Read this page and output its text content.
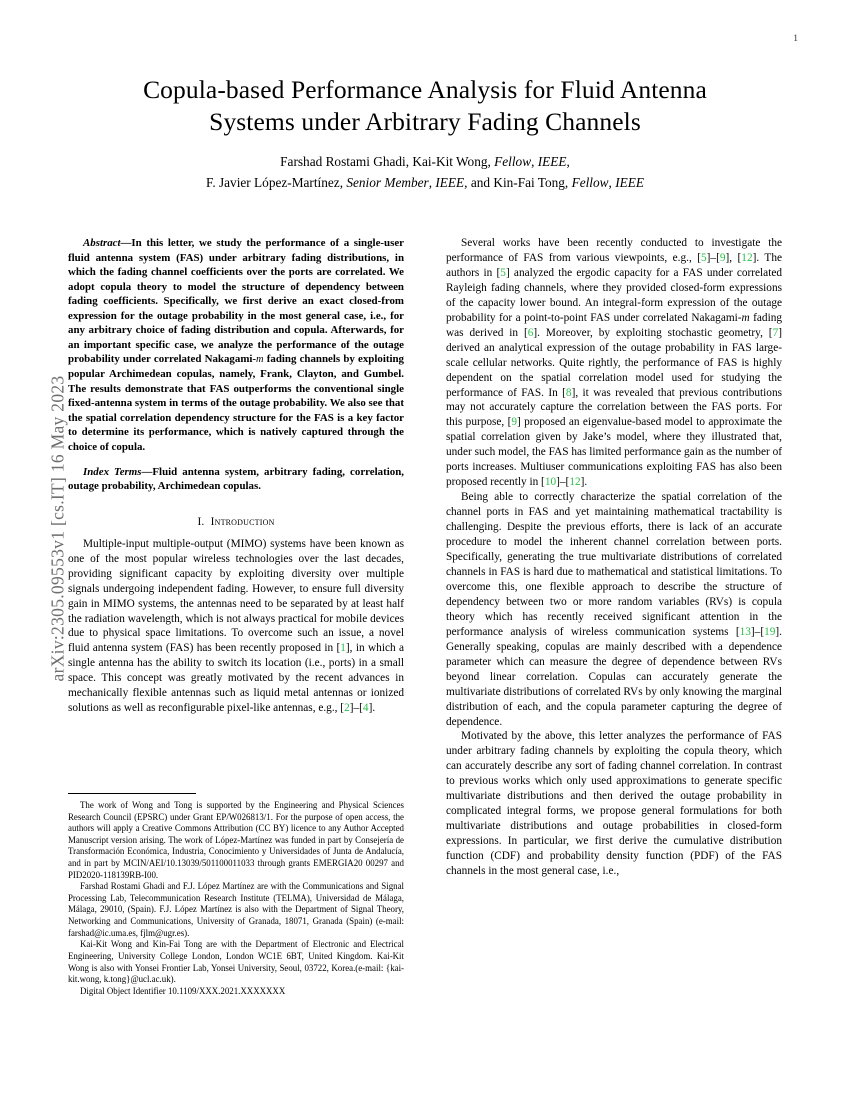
arXiv:2305.09553v1 [cs.IT] 16 May 2023
1
Copula-based Performance Analysis for Fluid Antenna
Systems under Arbitrary Fading Channels
Farshad Rostami Ghadi, Kai-Kit Wong, Fellow, IEEE,
F. Javier López-Martínez, Senior Member, IEEE, and Kin-Fai Tong, Fellow, IEEE
Abstract—In this letter, we study the performance of a single-user fluid antenna system (FAS) under arbitrary fading distributions, in which the fading channel coefficients over the ports are correlated. We adopt copula theory to model the structure of dependency between fading coefficients. Specifically, we first derive an exact closed-from expression for the outage probability in the most general case, i.e., for any arbitrary choice of fading distribution and copula. Afterwards, for an important specific case, we analyze the performance of the outage probability under correlated Nakagami-m fading channels by exploiting popular Archimedean copulas, namely, Frank, Clayton, and Gumbel. The results demonstrate that FAS outperforms the conventional single fixed-antenna system in terms of the outage probability. We also see that the spatial correlation dependency structure for the FAS is a key factor to determine its performance, which is natively captured through the choice of copula.
Index Terms—Fluid antenna system, arbitrary fading, correlation, outage probability, Archimedean copulas.
I. Introduction

Multiple-input multiple-output (MIMO) systems have been known as one of the most popular wireless technologies over the last decades, providing significant capacity by exploiting diversity over multiple signals undergoing independent fading. However, to ensure full diversity gain in MIMO systems, the antennas need to be separated by at least half the radiation wavelength, which is not always practical for mobile devices due to physical space limitations. To overcome such an issue, a novel fluid antenna system (FAS) has been recently proposed in [1], in which a single antenna has the ability to switch its location (i.e., ports) in a small space. This concept was greatly motivated by the recent advances in mechanically flexible antennas such as liquid metal antennas or ionized solutions as well as reconfigurable pixel-like antennas, e.g., [2]–[4].

The work of Wong and Tong is supported by the Engineering and Physical Sciences Research Council (EPSRC) under Grant EP/W026813/1. For the purpose of open access, the authors will apply a Creative Commons Attribution (CC BY) licence to any Author Accepted Manuscript version arising. The work of López-Martínez was funded in part by Consejería de Transformación Económica, Industria, Conocimiento y Universidades of Junta de Andalucía, and in part by MCIN/AEI/10.13039/501100011033 through grants EMERGIA20 00297 and PID2020-118139RB-I00.

Farshad Rostami Ghadi and F.J. López Martínez are with the Communications and Signal Processing Lab, Telecommunication Research Institute (TELMA), Universidad de Málaga, Málaga, 29010, (Spain). F.J. López Martínez is also with the Department of Signal Theory, Networking and Communications, University of Granada, 18071, Granada (Spain) (e-mail: farshad@ic.uma.es, fjlm@ugr.es).

Kai-Kit Wong and Kin-Fai Tong are with the Department of Electronic and Electrical Engineering, University College London, London WC1E 6BT, United Kingdom. Kai-Kit Wong is also with Yonsei Frontier Lab, Yonsei University, Seoul, 03722, Korea.(e-mail: {kai-kit.wong, k.tong}@ucl.ac.uk).

Digital Object Identifier 10.1109/XXX.2021.XXXXXXX

Several works have been recently conducted to investigate the performance of FAS from various viewpoints, e.g., [5]–[9], [12]. The authors in [5] analyzed the ergodic capacity for a FAS under correlated Rayleigh fading channels, where they provided closed-form expressions of the capacity lower bound. An integral-form expression of the outage probability for a point-to-point FAS under correlated Nakagami-m fading was derived in [6]. Moreover, by exploiting stochastic geometry, [7] derived an analytical expression of the outage probability in FAS large-scale cellular networks. Quite rightly, the performance of FAS is highly dependent on the spatial correlation model used for studying the performance of FAS. In [8], it was revealed that previous contributions may not accurately capture the correlation between the FAS ports. For this purpose, [9] proposed an eigenvalue-based model to approximate the spatial correlation given by Jake’s model, where they illustrated that, under such model, the FAS has limited performance gain as the number of ports increases. Multiuser communications exploiting FAS has also been proposed recently in [10]–[12].

Being able to correctly characterize the spatial correlation of the channel ports in FAS and yet maintaining mathematical tractability is challenging. Despite the previous efforts, there is lack of an accurate procedure to model the inherent channel correlation between ports. Specifically, generating the true multivariate distributions of correlated channels in FAS is hard due to mathematical and statistical limitations. To overcome this, one flexible approach to describe the structure of dependency between two or more random variables (RVs) is copula theory which has recently received significant attention in the performance analysis of wireless communication systems [13]–[19]. Generally speaking, copulas are mainly described with a dependence parameter which can measure the degree of dependence between RVs beyond linear correlation. Copulas can accurately generate the multivariate distributions of correlated RVs by only knowing the marginal distribution of each, and the copula parameter capturing the degree of dependence.

Motivated by the above, this letter analyzes the performance of FAS under arbitrary fading channels by exploiting the copula theory, which can accurately describe any sort of fading channel correlation. In contrast to previous works which only used approximations to generate specific multivariate distributions and then derived the outage probability in complicated integral forms, we propose general formulations for both multivariate distributions and outage probabilities in closed-form expressions. In particular, we first derive the cumulative distribution function (CDF) and probability density function (PDF) of the FAS channels in the most general case, i.e.,
